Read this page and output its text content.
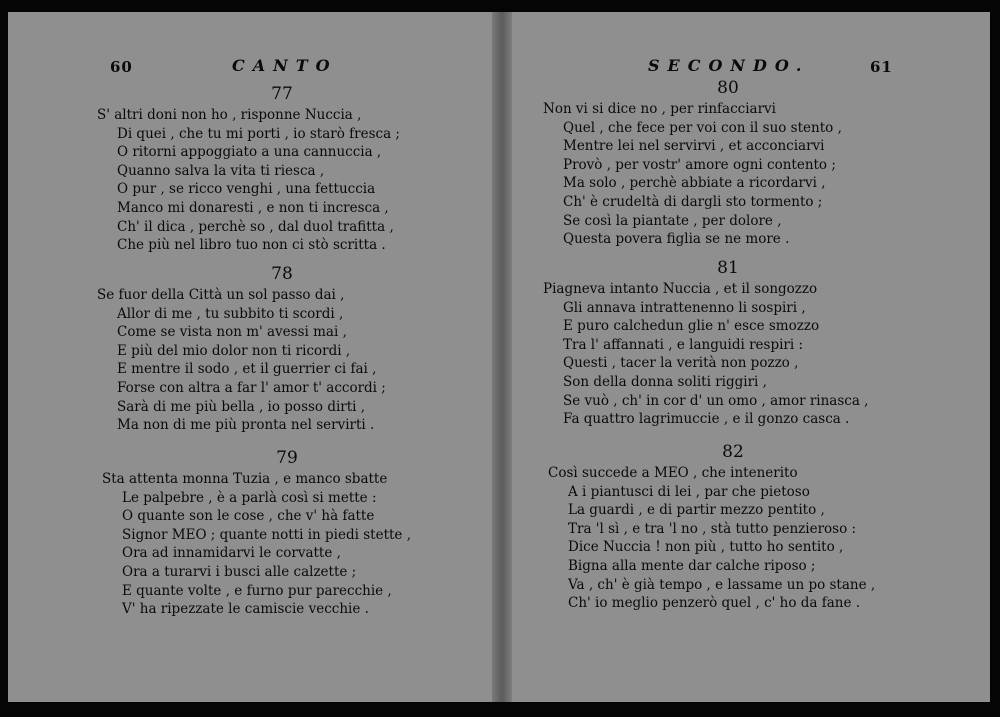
60	CANTO	SECONDO.	61
77
S' altri doni non ho , risponne Nuccia ,
Di quei , che tu mi porti , io starò fresca ;
O ritorni appoggiato a una cannuccia ,
Quanno salva la vita ti riesca ,
O pur , se ricco venghi , una fettuccia
Manco mi donaresti , e non ti incresca ,
Ch' il dica , perchè so , dal duol trafitta ,
Che più nel libro tuo non ci stò scritta .
78
Se fuor della Città un sol passo dai ,
Allor di me , tu subbito ti scordi ,
Come se vista non m' avessi mai ,
E più del mio dolor non ti ricordi ,
E mentre il sodo , et il guerrier ci fai ,
Forse con altra a far l' amor t' accordi ;
Sarà di me più bella , io posso dirti ,
Ma non di me più pronta nel servirti .
79
Sta attenta monna Tuzia , e manco sbatte
Le palpebre , è a parlà così si mette :
O quante son le cose , che v' hà fatte
Signor MEO ; quante notti in piedi stette ,
Ora ad innamidarvi le corvatte ,
Ora a turarvi i busci alle calzette ;
E quante volte , e furno pur parecchie ,
V' ha ripezzate le camiscie vecchie .
80
Non vi si dice no , per rinfacciarvi
Quel , che fece per voi con il suo stento ,
Mentre lei nel servirvi , et acconciarvi
Provò , per vostr' amore ogni contento ;
Ma solo , perchè abbiate a ricordarvi ,
Ch' è crudeltà di dargli sto tormento ;
Se così la piantate , per dolore ,
Questa povera figlia se ne more .
81
Piagneva intanto Nuccia , et il songozzo
Gli annava intrattenenno li sospiri ,
E puro calchedun glie n' esce smozzo
Tra l' affannati , e languidi respiri :
Questi , tacer la verità non pozzo ,
Son della donna soliti riggiri ,
Se vuò , ch' in cor d' un omo , amor rinasca ,
Fa quattro lagrimuccie , e il gonzo casca .
82
Così succede a MEO , che intenerito
A i piantusci di lei , par che pietoso
La guardi , e di partir mezzo pentito ,
Tra 'l sì , e tra 'l no , stà tutto penzieroso :
Dice Nuccia ! non più , tutto ho sentito ,
Bigna alla mente dar calche riposo ;
Va , ch' è già tempo , e lassame un po stane ,
Ch' io meglio penzerò quel , c' ho da fane .
